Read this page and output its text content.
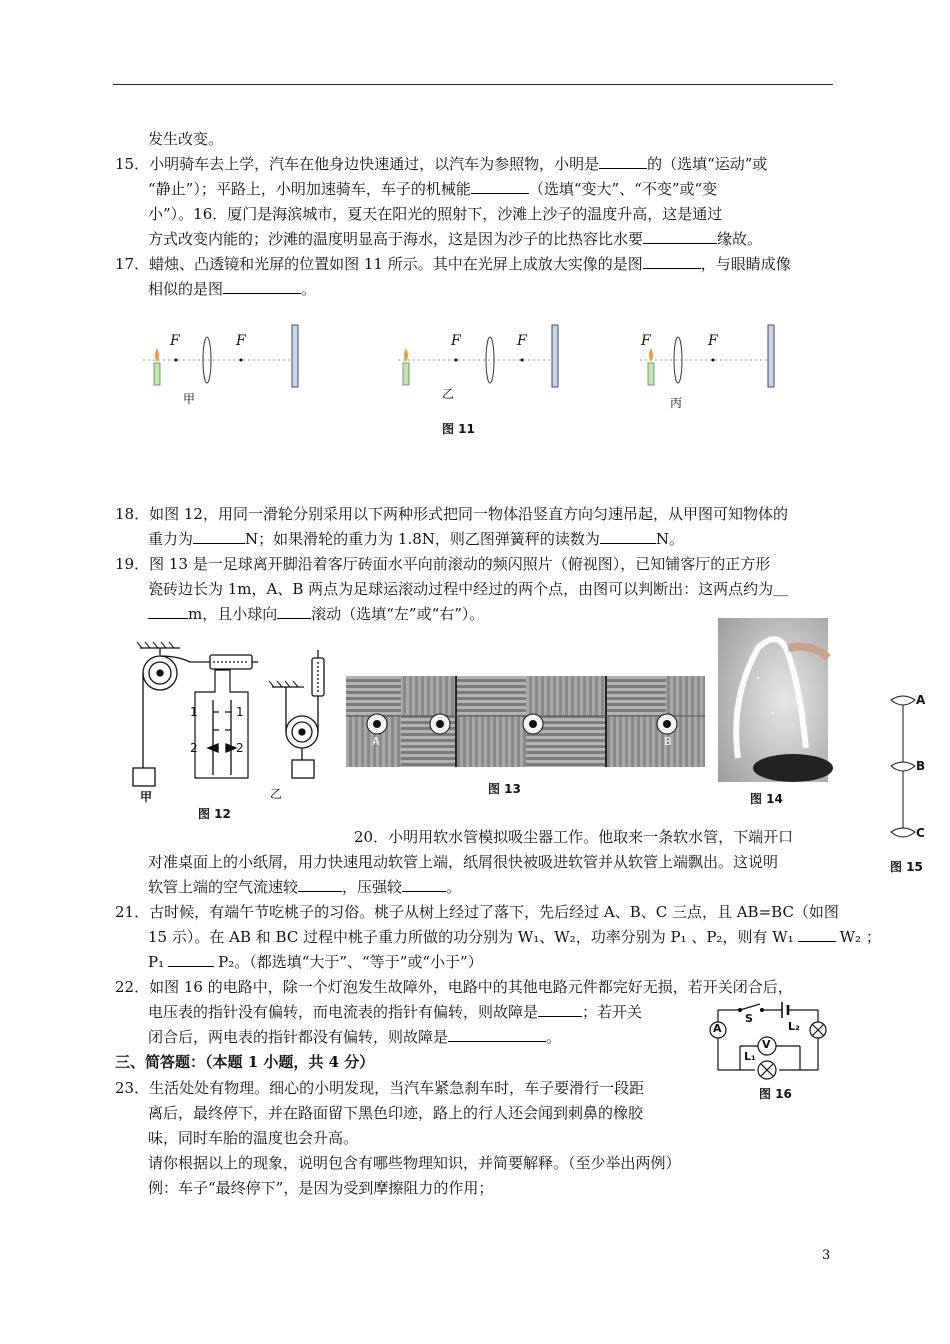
发生改变。
15．小明骑车去上学，汽车在他身边快速通过，以汽车为参照物，小明是	的（选填“运动”或
“静止”）；平路上，小明加速骑车，车子的机械能	（选填“变大”、“不变”或“变
小”）。16．厦门是海滨城市，夏天在阳光的照射下，沙滩上沙子的温度升高，这是通过
方式改变内能的；沙滩的温度明显高于海水，这是因为沙子的比热容比水要	缘故。
17．蜡烛、凸透镜和光屏的位置如图 11 所示。其中在光屏上成放大实像的是图	，与眼睛成像
相似的是图	。
F	F	F	F	F	F
甲	乙
丙
图 11
18．如图 12，用同一滑轮分别采用以下两种形式把同一物体沿竖直方向匀速吊起，从甲图可知物体的
重力为	N；如果滑轮的重力为 1.8N，则乙图弹簧秤的读数为	N。
19．图 13 是一足球离开脚沿着客厅砖面水平向前滚动的频闪照片（俯视图），已知铺客厅的正方形
瓷砖边长为 1m，A、B 两点为足球运滚动过程中经过的两个点，由图可以判断出：这两点约为＿
m，且小球向 滚动（选填“左”或“右”）。
1	1
2	2
甲	乙
图 12
A	B
图 13
图 14
A
B
C
图 15
20．小明用软水管模拟吸尘器工作。他取来一条软水管，下端开口
对准桌面上的小纸屑，用力快速甩动软管上端，纸屑很快被吸进软管并从软管上端飘出。这说明
软管上端的空气流速较	，压强较	。
21．古时候，有端午节吃桃子的习俗。桃子从树上经过了落下，先后经过 A、B、C 三点，且 AB=BC（如图
15 示）。在 AB 和 BC 过程中桃子重力所做的功分别为 W₁、W₂，功率分别为 P₁ 、P₂，则有 W₁	W₂ ；
P₁	P₂。（都选填“大于”、“等于”或“小于”）
22．如图 16 的电路中，除一个灯泡发生故障外，电路中的其他电路元件都完好无损，若开关闭合后，
电压表的指针没有偏转，而电流表的指针有偏转，则故障是	；若开关
闭合后，两电表的指针都没有偏转，则故障是	。	A
V
S
L₂
L₁
图 16
三、简答题：（本题 1 小题，共 4 分）
23．生活处处有物理。细心的小明发现，当汽车紧急刹车时，车子要滑行一段距
离后，最终停下，并在路面留下黑色印迹，路上的行人还会闻到刺鼻的橡胶
味，同时车胎的温度也会升高。
请你根据以上的现象，说明包含有哪些物理知识，并简要解释。（至少举出两例）
例：车子“最终停下”，是因为受到摩擦阻力的作用；
3
